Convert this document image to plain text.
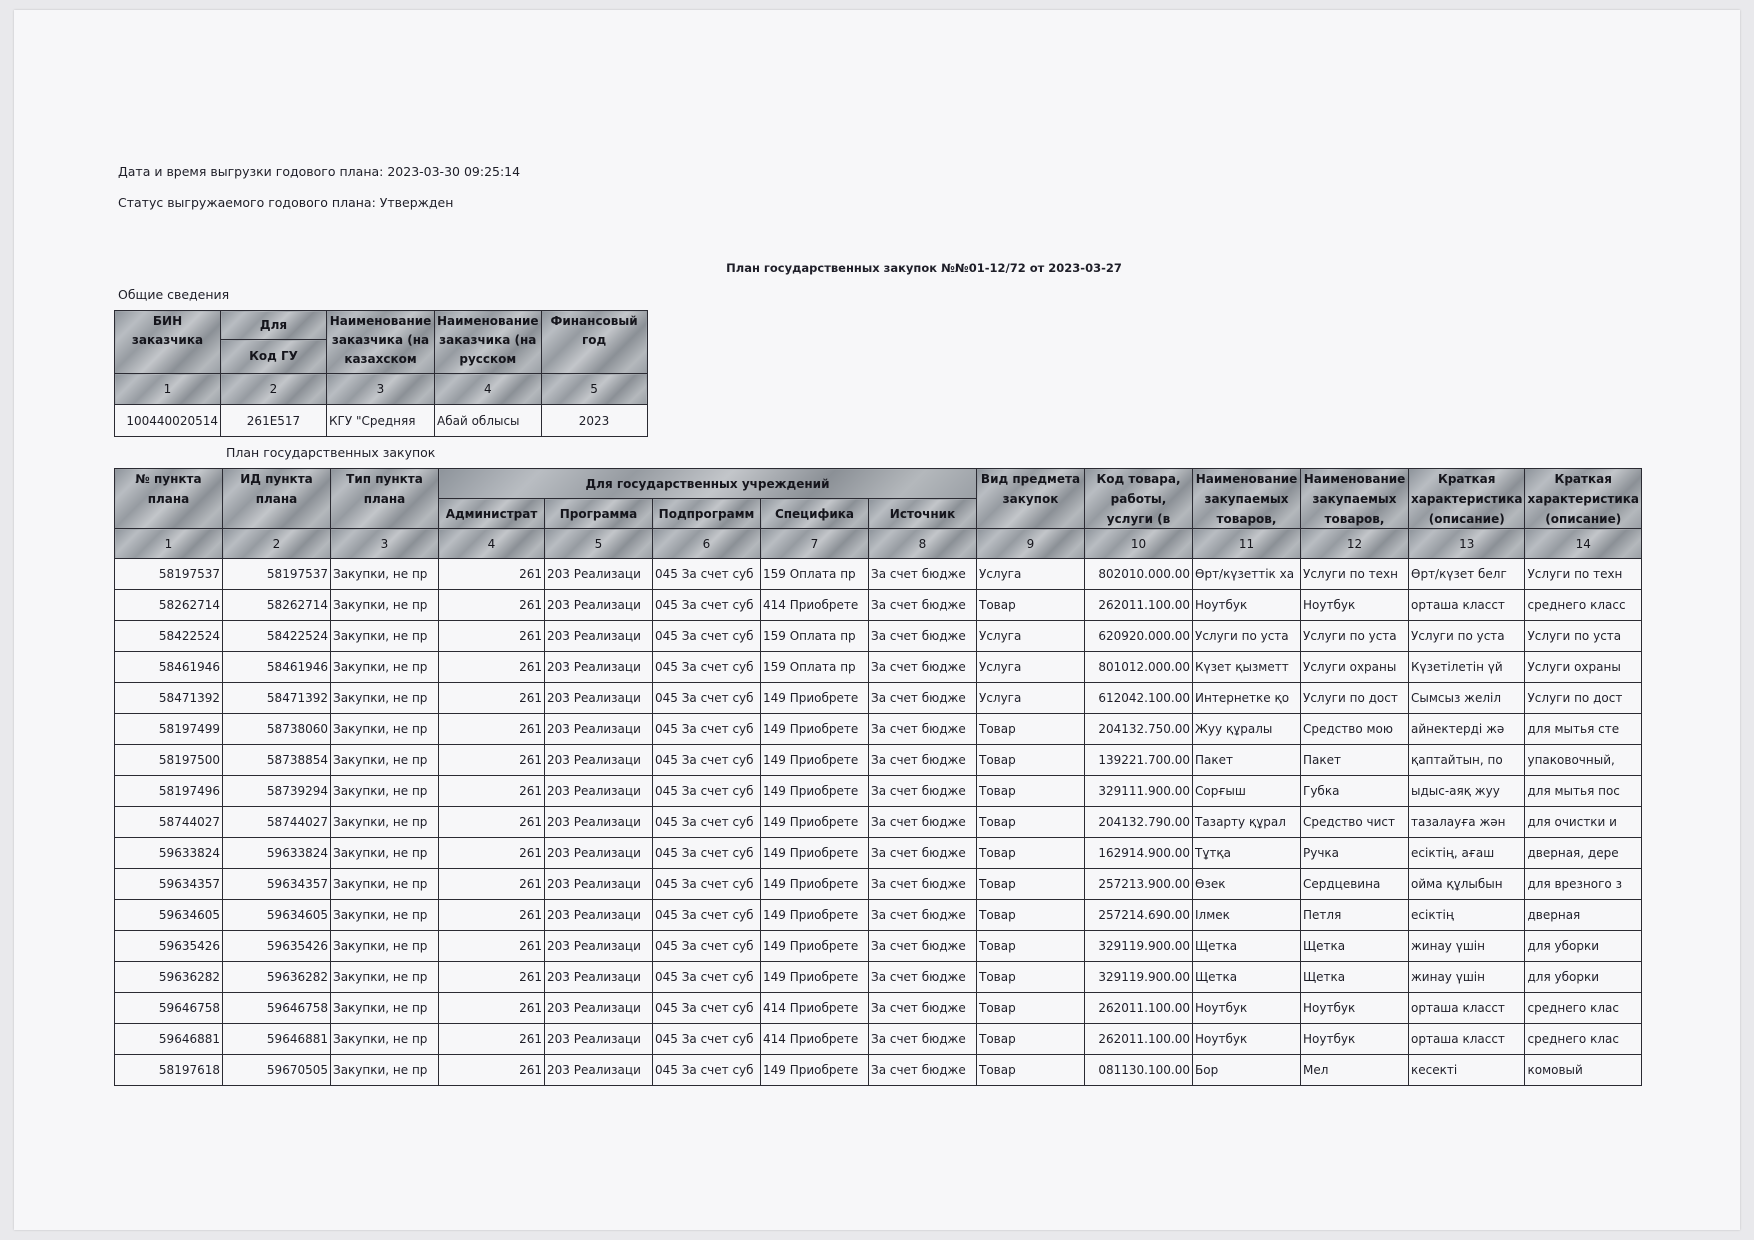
Дата и время выгрузки годового плана: 2023-03-30 09:25:14
Статус выгружаемого годового плана: Утвержден
План государственных закупок №№01-12/72 от 2023-03-27
Общие сведения
БИН заказчика	Для	Наименование заказчика (на казахском	Наименование заказчика (на русском	Финансовый год

	Код ГУ			

1	2	3	4	5
100440020514	261E517	КГУ "Средняя	Абай облысы	2023
План государственных закупок
№ пункта плана	ИД пункта плана	Тип пункта плана	Для государственных учреждений					Вид предмета закупок	Код товара, работы, услуги (в	Наименование закупаемых товаров,	Наименование закупаемых товаров,	Краткая характеристика (описание)	Краткая характеристика (описание)

			Администрат	Программа	Подпрограмм	Специфика	Источник						
1	2	3	4	5	6	7	8	9	10	11	12	13	14
58197537	58197537	Закупки, не пр	261	203 Реализаци	045 За счет суб	159 Оплата пр	За счет бюдже	Услуга	802010.000.00	Өрт/күзеттік ха	Услуги по техн	Өрт/күзет белг	Услуги по техн
58262714	58262714	Закупки, не пр	261	203 Реализаци	045 За счет суб	414 Приобрете	За счет бюдже	Товар	262011.100.00	Ноутбук	Ноутбук	орташа класст	среднего класс
58422524	58422524	Закупки, не пр	261	203 Реализаци	045 За счет суб	159 Оплата пр	За счет бюдже	Услуга	620920.000.00	Услуги по уста	Услуги по уста	Услуги по уста	Услуги по уста
58461946	58461946	Закупки, не пр	261	203 Реализаци	045 За счет суб	159 Оплата пр	За счет бюдже	Услуга	801012.000.00	Күзет қызметт	Услуги охраны	Күзетілетін үй	Услуги охраны
58471392	58471392	Закупки, не пр	261	203 Реализаци	045 За счет суб	149 Приобрете	За счет бюдже	Услуга	612042.100.00	Интернетке қо	Услуги по дост	Сымсыз желіл	Услуги по дост
58197499	58738060	Закупки, не пр	261	203 Реализаци	045 За счет суб	149 Приобрете	За счет бюдже	Товар	204132.750.00	Жуу құралы	Средство мою	айнектерді жә	для мытья сте
58197500	58738854	Закупки, не пр	261	203 Реализаци	045 За счет суб	149 Приобрете	За счет бюдже	Товар	139221.700.00	Пакет	Пакет	қаптайтын, по	упаковочный,
58197496	58739294	Закупки, не пр	261	203 Реализаци	045 За счет суб	149 Приобрете	За счет бюдже	Товар	329111.900.00	Сорғыш	Губка	ыдыс-аяқ жуу	для мытья пос
58744027	58744027	Закупки, не пр	261	203 Реализаци	045 За счет суб	149 Приобрете	За счет бюдже	Товар	204132.790.00	Тазарту құрал	Средство чист	тазалауға жән	для очистки и
59633824	59633824	Закупки, не пр	261	203 Реализаци	045 За счет суб	149 Приобрете	За счет бюдже	Товар	162914.900.00	Тұтқа	Ручка	есіктің, ағаш	дверная, дере
59634357	59634357	Закупки, не пр	261	203 Реализаци	045 За счет суб	149 Приобрете	За счет бюдже	Товар	257213.900.00	Өзек	Сердцевина	ойма құлыбын	для врезного з
59634605	59634605	Закупки, не пр	261	203 Реализаци	045 За счет суб	149 Приобрете	За счет бюдже	Товар	257214.690.00	Ілмек	Петля	есіктің	дверная
59635426	59635426	Закупки, не пр	261	203 Реализаци	045 За счет суб	149 Приобрете	За счет бюдже	Товар	329119.900.00	Щетка	Щетка	жинау үшін	для уборки
59636282	59636282	Закупки, не пр	261	203 Реализаци	045 За счет суб	149 Приобрете	За счет бюдже	Товар	329119.900.00	Щетка	Щетка	жинау үшін	для уборки
59646758	59646758	Закупки, не пр	261	203 Реализаци	045 За счет суб	414 Приобрете	За счет бюдже	Товар	262011.100.00	Ноутбук	Ноутбук	орташа класст	среднего клас
59646881	59646881	Закупки, не пр	261	203 Реализаци	045 За счет суб	414 Приобрете	За счет бюдже	Товар	262011.100.00	Ноутбук	Ноутбук	орташа класст	среднего клас
58197618	59670505	Закупки, не пр	261	203 Реализаци	045 За счет суб	149 Приобрете	За счет бюдже	Товар	081130.100.00	Бор	Мел	кесекті	комовый
